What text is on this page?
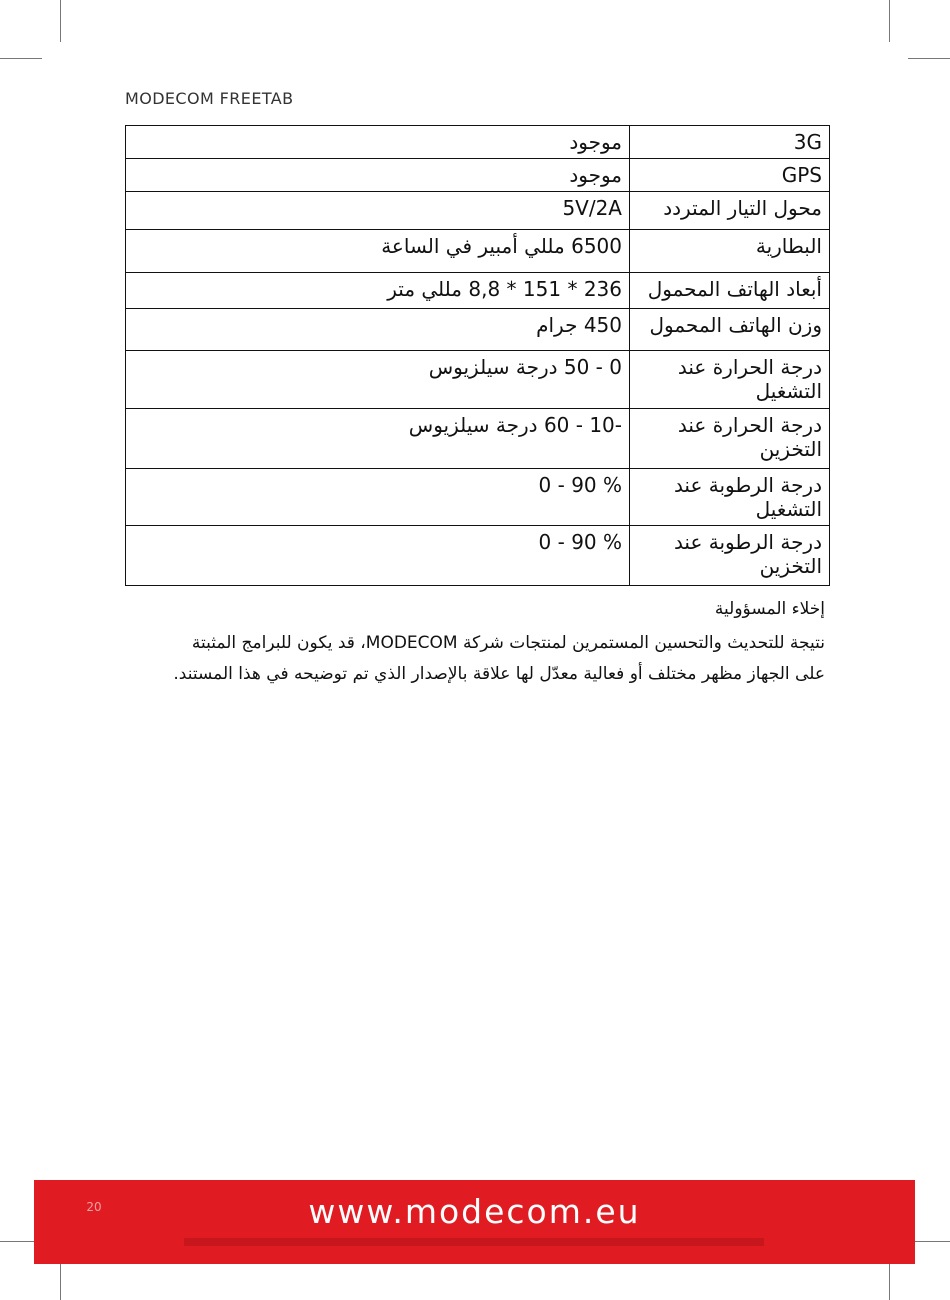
MODECOM FREETAB
موجود	3G
موجود	GPS
5V/2A	محول التيار المتردد
6500 مللي أمبير في الساعة	البطارية
236 * 151 * 8,8 مللي متر	أبعاد الهاتف المحمول
450 جرام	وزن الهاتف المحمول
0 - 50 درجة سيلزيوس	درجة الحرارة عند التشغيل
-10 - 60 درجة سيلزيوس	درجة الحرارة عند التخزين
0 - 90 %	درجة الرطوبة عند التشغيل
0 - 90 %	درجة الرطوبة عند التخزين
إخلاء المسؤولية
نتيجة للتحديث والتحسين المستمرين لمنتجات شركة MODECOM، قد يكون للبرامج المثبتة
على الجهاز مظهر مختلف أو فعالية معدّل لها علاقة بالإصدار الذي تم توضيحه في هذا المستند.
20	www.modecom.eu
